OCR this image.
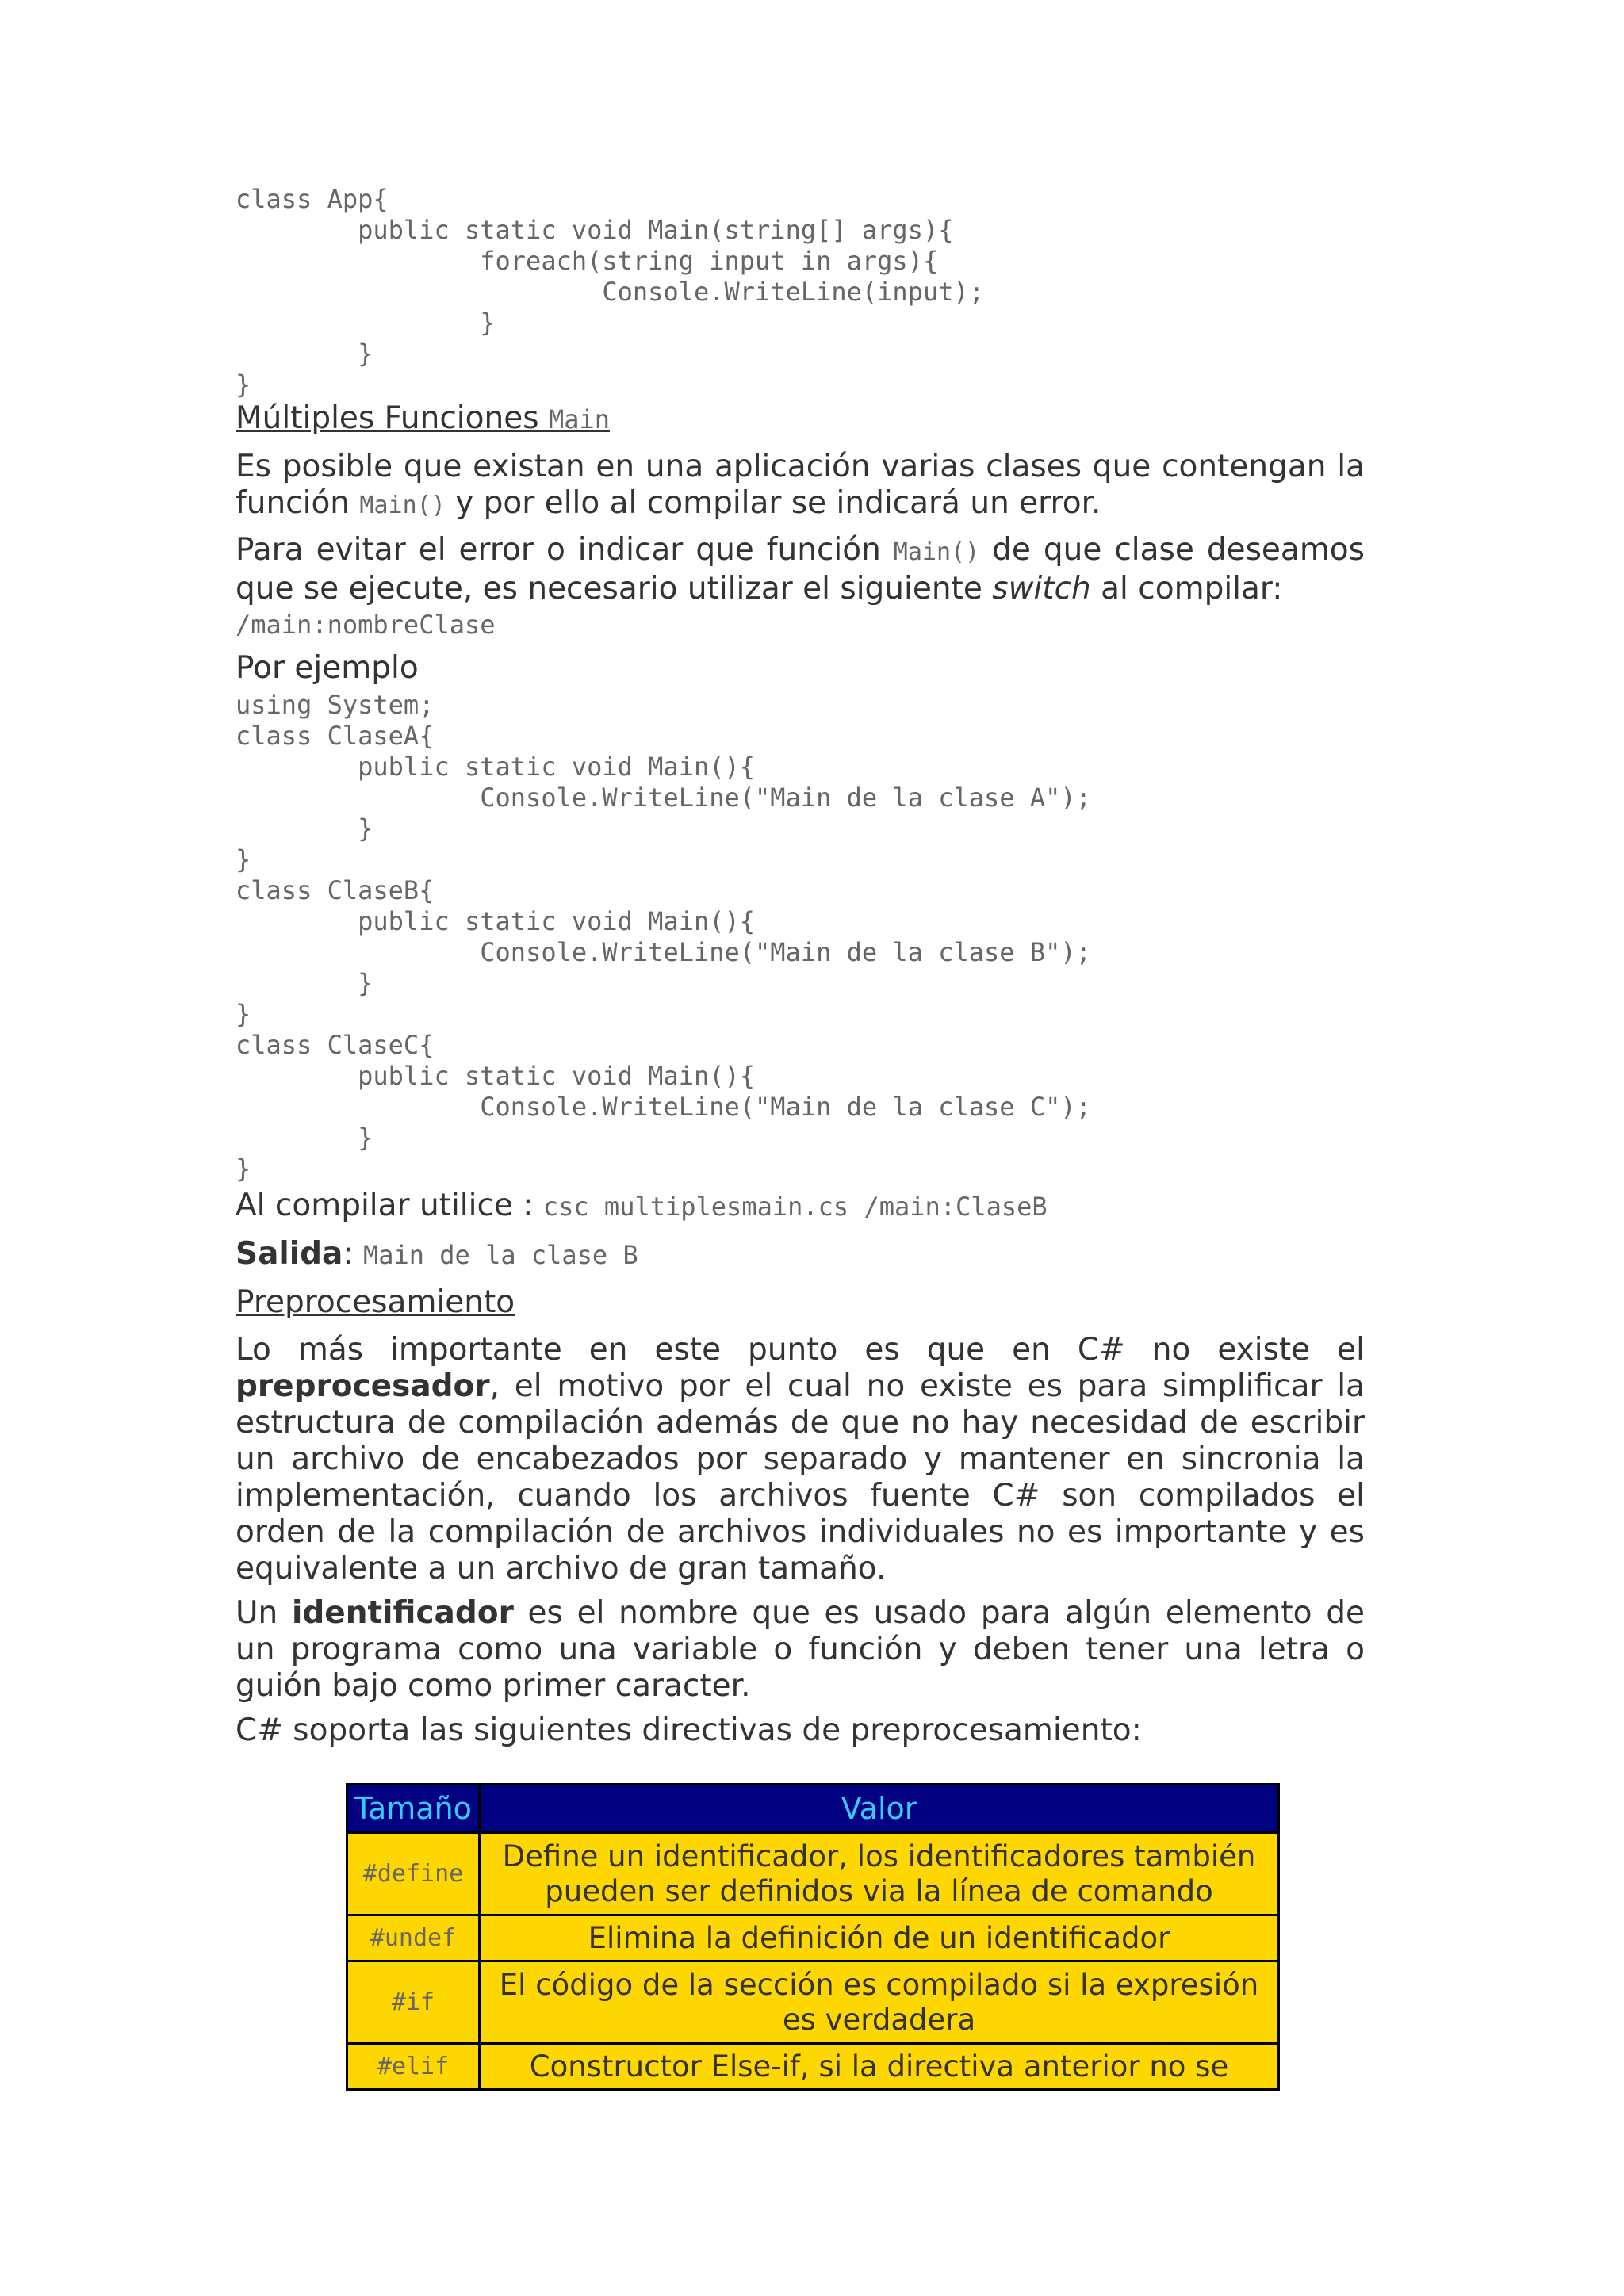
class App{
public static void Main(string[] args){
foreach(string input in args){
Console.WriteLine(input);
}
}
}
Múltiples Funciones Main

Es posible que existan en una aplicación varias clases que contengan la función Main() y por ello al compilar se indicará un error.

Para evitar el error o indicar que función Main() de que clase deseamos que se ejecute, es necesario utilizar el siguiente switch al compilar:

/main:nombreClase

Por ejemplo

using System;
class ClaseA{
public static void Main(){
Console.WriteLine("Main de la clase A");
}
}
class ClaseB{
public static void Main(){
Console.WriteLine("Main de la clase B");
}
}
class ClaseC{
public static void Main(){
Console.WriteLine("Main de la clase C");
}
}

Al compilar utilice : csc multiplesmain.cs /main:ClaseB

Salida: Main de la clase B

Preprocesamiento

Lo más importante en este punto es que en C# no existe el preprocesador, el motivo por el cual no existe es para simplificar la estructura de compilación además de que no hay necesidad de escribir un archivo de encabezados por separado y mantener en sincronia la implementación, cuando los archivos fuente C# son compilados el orden de la compilación de archivos individuales no es importante y es equivalente a un archivo de gran tamaño.

Un identificador es el nombre que es usado para algún elemento de un programa como una variable o función y deben tener una letra o guión bajo como primer caracter.

C# soporta las siguientes directivas de preprocesamiento:

Tamaño	Valor
#define	Define un identificador, los identificadores también pueden ser definidos via la línea de comando
#undef	Elimina la definición de un identificador
#if	El código de la sección es compilado si la expresión es verdadera
#elif	Constructor Else-if, si la directiva anterior no se
